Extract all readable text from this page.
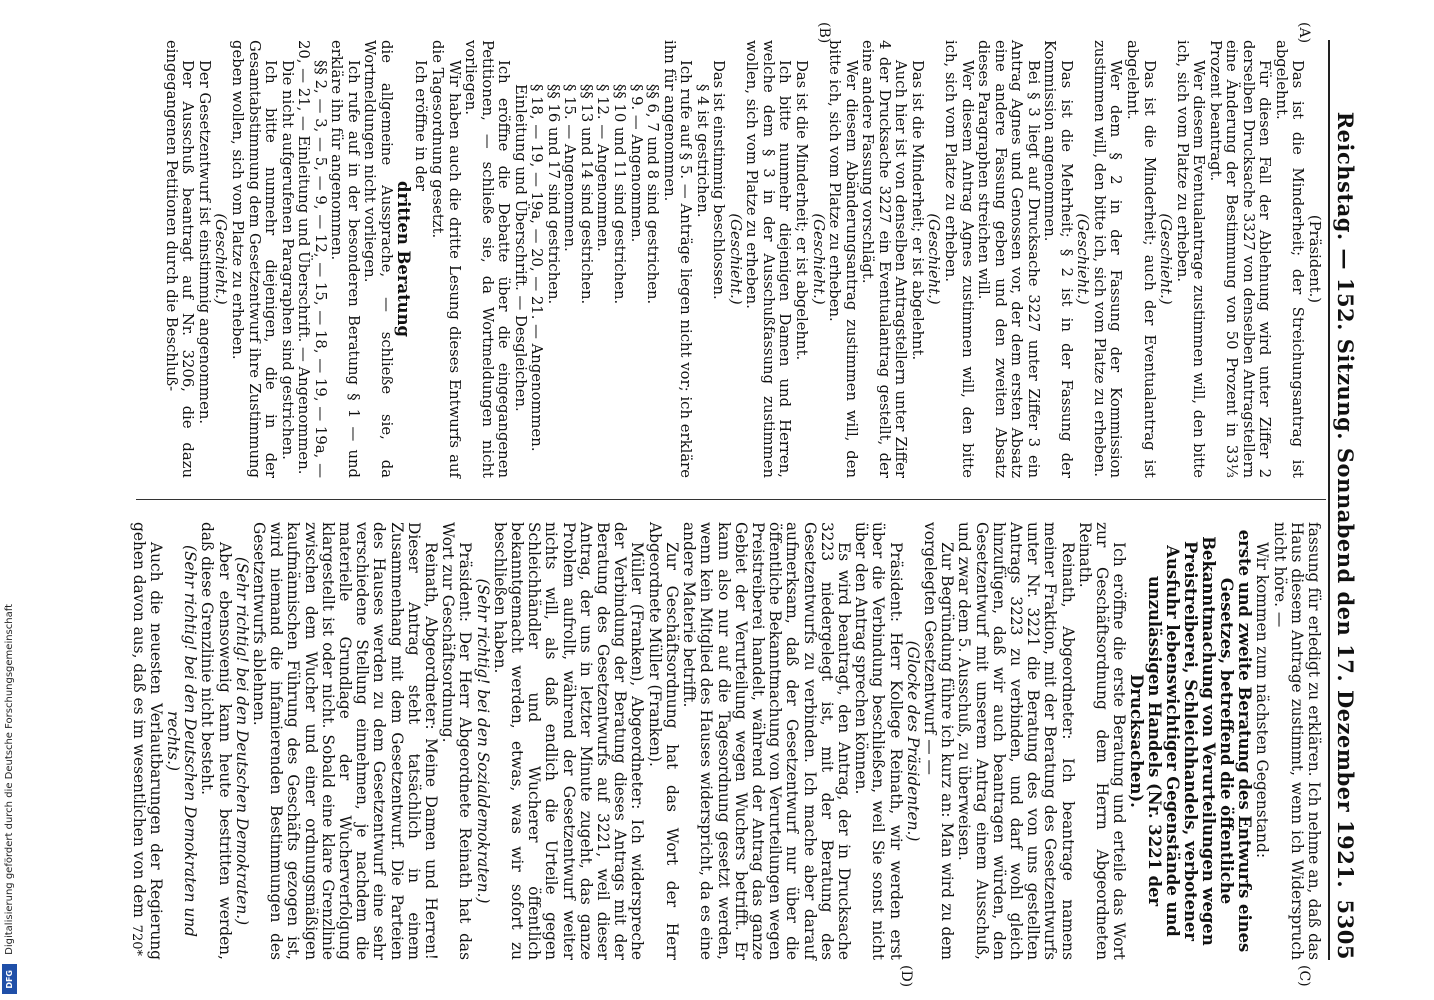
Reichstag. — 152. Sitzung. Sonnabend den 17. Dezember 1921.
5305
(A)
(B)
(C)
(D)

(Präsident.)

Das ist die Minderheit; der Streichungsantrag ist abgelehnt.

Für diesen Fall der Ablehnung wird unter Ziffer 2 derselben Drucksache 3327 von denselben Antragstellern eine Änderung der Bestimmung von 50 Prozent in 33⅓ Prozent beantragt.

Wer diesem Eventualantrage zustimmen will, den bitte ich, sich vom Platze zu erheben.

(Geschieht.)

Das ist die Minderheit; auch der Eventualantrag ist abgelehnt.

Wer dem § 2 in der Fassung der Kommission zustimmen will, den bitte ich, sich vom Platze zu erheben.

(Geschieht.)

Das ist die Mehrheit; § 2 ist in der Fassung der Kommission angenommen.

Bei § 3 liegt auf Drucksache 3227 unter Ziffer 3 ein Antrag Agnes und Genossen vor, der dem ersten Absatz eine andere Fassung geben und den zweiten Absatz dieses Paragraphen streichen will.

Wer diesem Antrag Agnes zustimmen will, den bitte ich, sich vom Platze zu erheben.

(Geschieht.)

Das ist die Minderheit; er ist abgelehnt.

Auch hier ist von denselben Antragstellern unter Ziffer 4 der Drucksache 3227 ein Eventualantrag gestellt, der eine andere Fassung vorschlägt.

Wer diesem Abänderungsantrag zustimmen will, den bitte ich, sich vom Platze zu erheben.

(Geschieht.)

Das ist die Minderheit; er ist abgelehnt.

Ich bitte nunmehr diejenigen Damen und Herren, welche dem § 3 in der Ausschußfassung zustimmen wollen, sich vom Platze zu erheben.

(Geschieht.)

Das ist einstimmig beschlossen.

§ 4 ist gestrichen.

Ich rufe auf § 5. — Anträge liegen nicht vor; ich erkläre ihn für angenommen.

§§ 6, 7 und 8 sind gestrichen.

§ 9. — Angenommen.

§§ 10 und 11 sind gestrichen.

§ 12. — Angenommen.

§§ 13 und 14 sind gestrichen.

§ 15. — Angenommen.

§§ 16 und 17 sind gestrichen.

§ 18, — 19, — 19a, — 20, — 21. — Angenommen.

Einleitung und Überschrift. — Desgleichen.

Ich eröffne die Debatte über die eingegangenen Petitionen, — schließe sie, da Wortmeldungen nicht vorliegen.

Wir haben auch die dritte Lesung dieses Entwurfs auf die Tagesordnung gesetzt.

Ich eröffne in der

dritten Beratung

die allgemeine Aussprache, — schließe sie, da Wortmeldungen nicht vorliegen.

Ich rufe auf in der besonderen Beratung § 1 — und erkläre ihn für angenommen.

§§ 2, — 3, — 5, — 9, — 12, — 15, — 18, — 19, — 19a, — 20, — 21, — Einleitung und Überschrift. — Angenommen.

Die nicht aufgerufenen Paragraphen sind gestrichen.

Ich bitte nunmehr diejenigen, die in der Gesamtabstimmung dem Gesetzentwurf ihre Zustimmung geben wollen, sich vom Platze zu erheben.

(Geschieht.)

Der Gesetzentwurf ist einstimmig angenommen.

Der Ausschuß beantragt auf Nr. 3206, die dazu eingegangenen Petitionen durch die Beschluß-

fassung für erledigt zu erklären. Ich nehme an, daß das Haus diesem Antrage zustimmt, wenn ich Widerspruch nicht höre. —

Wir kommen zum nächsten Gegenstand:

erste und zweite Beratung des Entwurfs eines Gesetzes, betreffend die öffentliche Bekanntmachung von Verurteilungen wegen Preistreiberei, Schleichhandels, verbotener Ausfuhr lebenswichtiger Gegenstände und unzulässigen Handels (Nr. 3221 der Drucksachen).

Ich eröffne die erste Beratung und erteile das Wort zur Geschäftsordnung dem Herrn Abgeordneten Reinath.

Reinath, Abgeordneter: Ich beantrage namens meiner Fraktion, mit der Beratung des Gesetzentwurfs unter Nr. 3221 die Beratung des von uns gestellten Antrags 3223 zu verbinden, und darf wohl gleich hinzufügen, daß wir auch beantragen würden, den Gesetzentwurf mit unserem Antrag einem Ausschuß, und zwar dem 5. Ausschuß, zu überweisen.

Zur Begründung führe ich kurz an: Man wird zu dem vorgelegten Gesetzentwurf — —

(Glocke des Präsidenten.)

Präsident: Herr Kollege Reinath, wir werden erst über die Verbindung beschließen, weil Sie sonst nicht über den Antrag sprechen können.

Es wird beantragt, den Antrag, der in Drucksache 3223 niedergelegt ist, mit der Beratung des Gesetzentwurfs zu verbinden. Ich mache aber darauf aufmerksam, daß der Gesetzentwurf nur über die öffentliche Bekanntmachung von Verurteilungen wegen Preistreiberei handelt, während der Antrag das ganze Gebiet der Verurteilung wegen Wuchers betrifft. Er kann also nur auf die Tagesordnung gesetzt werden, wenn kein Mitglied des Hauses widerspricht, da es eine andere Materie betrifft.

Zur Geschäftsordnung hat das Wort der Herr Abgeordnete Müller (Franken).

Müller (Franken), Abgeordneter: Ich widerspreche der Verbindung der Beratung dieses Antrags mit der Beratung des Gesetzentwurfs auf 3221, weil dieser Antrag, der uns in letzter Minute zugeht, das ganze Problem aufrollt, während der Gesetzentwurf weiter nichts will, als daß endlich die Urteile gegen Schleichhändler und Wucherer öffentlich bekanntgemacht werden, etwas, was wir sofort zu beschließen haben.

(Sehr richtig! bei den Sozialdemokraten.)

Präsident: Der Herr Abgeordnete Reinath hat das Wort zur Geschäftsordnung.

Reinath, Abgeordneter: Meine Damen und Herren! Dieser Antrag steht tatsächlich in einem Zusammenhang mit dem Gesetzentwurf. Die Parteien des Hauses werden zu dem Gesetzentwurf eine sehr verschiedene Stellung einnehmen, je nachdem die materielle Grundlage der Wucherverfolgung klargestellt ist oder nicht. Sobald eine klare Grenzlinie zwischen dem Wucher und einer ordnungsmäßigen kaufmännischen Führung des Geschäfts gezogen ist, wird niemand die infamierenden Bestimmungen des Gesetzentwurfs ablehnen.

(Sehr richtig! bei den Deutschen Demokraten.)

Aber ebensowenig kann heute bestritten werden, daß diese Grenzlinie nicht besteht.

(Sehr richtig! bei den Deutschen Demokraten und rechts.)

Auch die neuesten Verlautbarungen der Regierung gehen davon aus, daß es im wesentlichen von dem

720*
Digitalisierung gefördert durch die Deutsche Forschungsgemeinschaft
DFG
